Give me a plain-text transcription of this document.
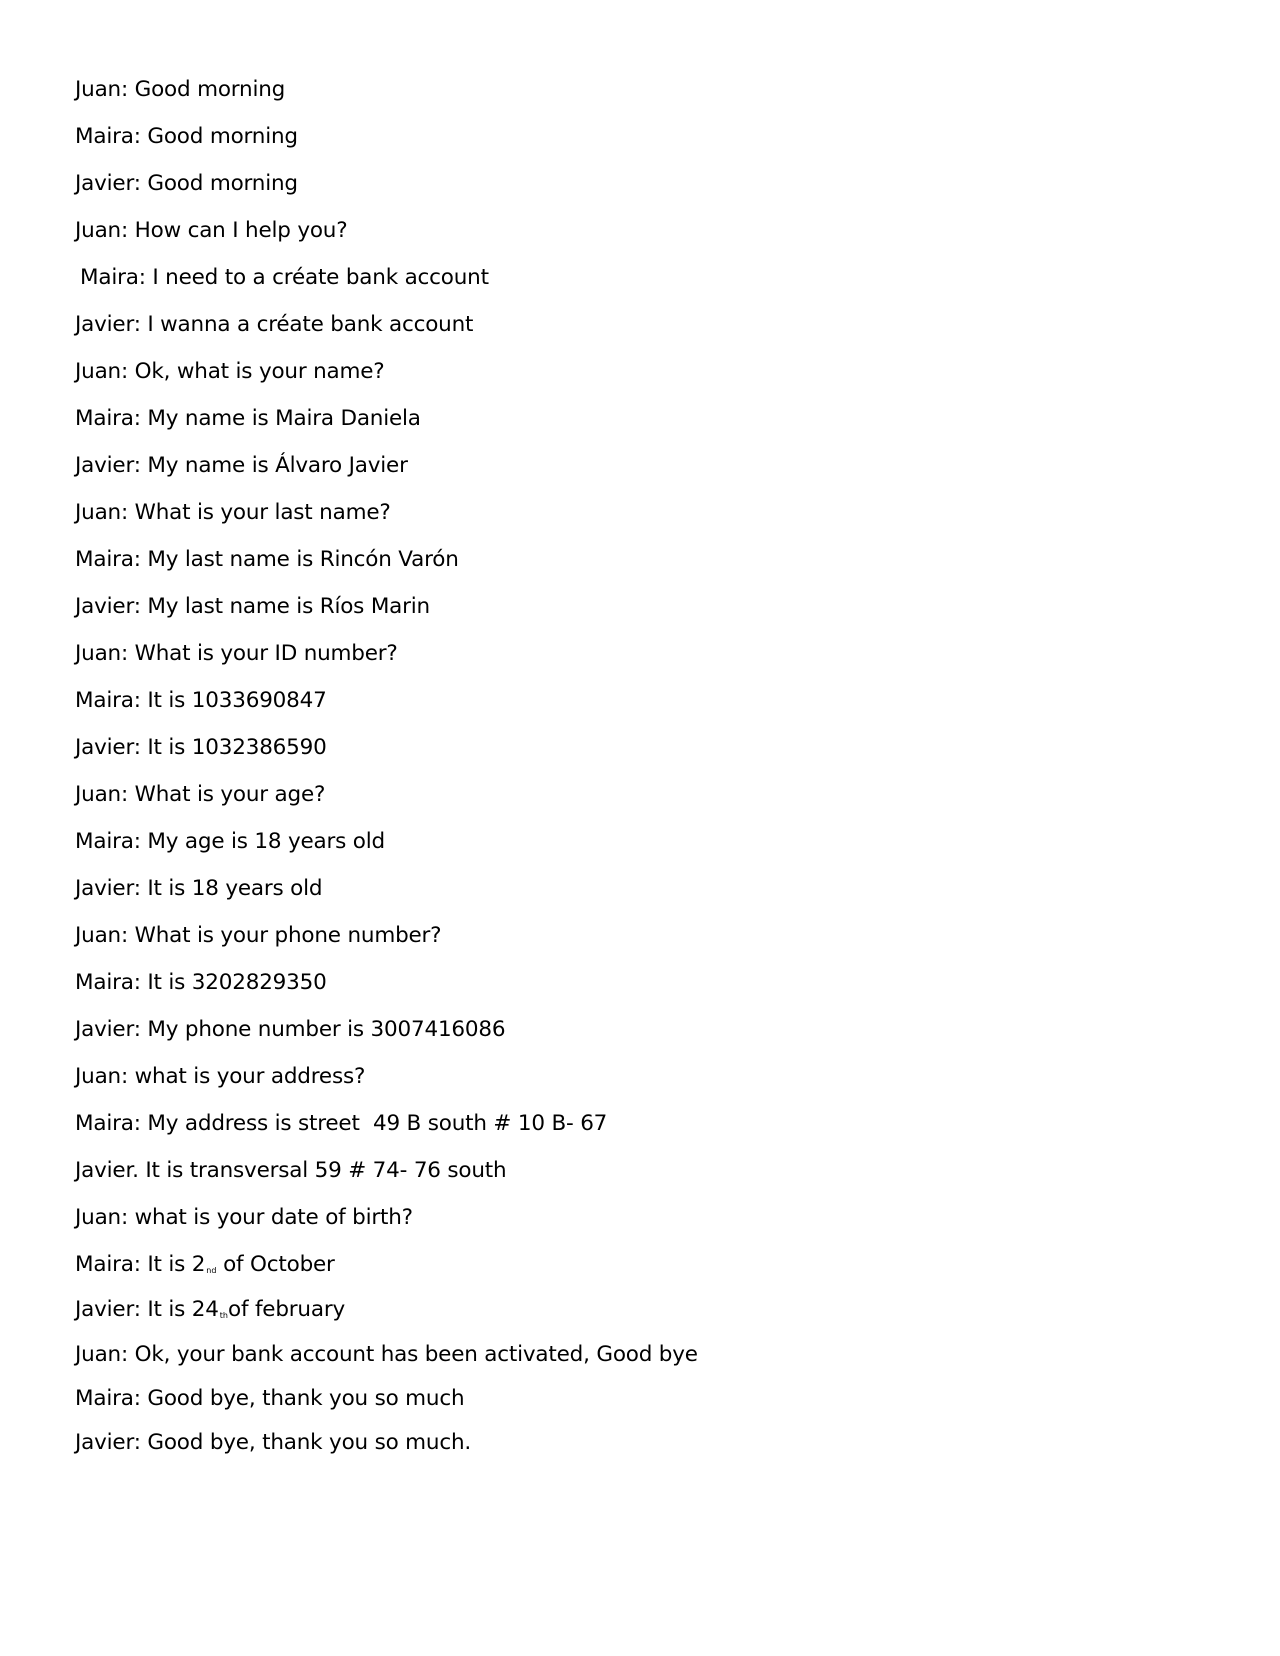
Juan: Good morning
Maira: Good morning
Javier: Good morning
Juan: How can I help you?
Maira: I need to a créate bank account
Javier: I wanna a créate bank account
Juan: Ok, what is your name?
Maira: My name is Maira Daniela
Javier: My name is Álvaro Javier
Juan: What is your last name?
Maira: My last name is Rincón Varón
Javier: My last name is Ríos Marin
Juan: What is your ID number?
Maira: It is 1033690847
Javier: It is 1032386590
Juan: What is your age?
Maira: My age is 18 years old
Javier: It is 18 years old
Juan: What is your phone number?
Maira: It is 3202829350
Javier: My phone number is 3007416086
Juan: what is your address?
Maira: My address is street  49 B south # 10 B- 67
Javier. It is transversal 59 # 74- 76 south
Juan: what is your date of birth?
Maira: It is $2_{nd}$ of October
Javier: It is $24_{th}of$ february
Juan: Ok, your bank account has been activated, Good bye
Maira: Good bye, thank you so much
Javier: Good bye, thank you so much.
